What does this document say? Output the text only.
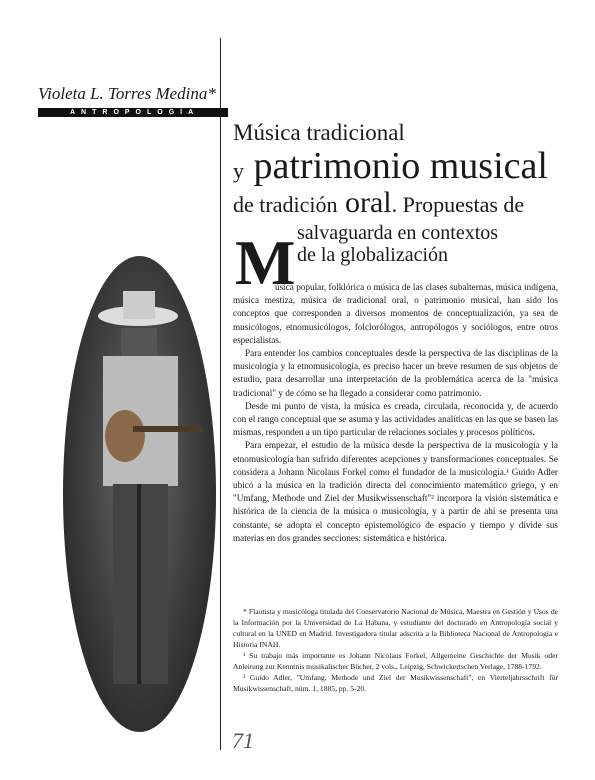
Violeta L. Torres Medina*
ANTROPOLOGÍA
Música tradicional
y patrimonio musical
de tradición oral. Propuestas de
salvaguarda en contextos
de la globalización
M

úsica popular, folklórica o música de las clases subalternas, música indígena, música mestiza, música de tradicional oral, o patrimonio musical, han sido los conceptos que corresponden a diversos momentos de conceptualización, ya sea de musicólogos, etnomusicólogos, folclorólogos, antropólogos y sociólogos, entre otros especialistas.

Para entender los cambios conceptuales desde la perspectiva de las disciplinas de la musicología y la etnomusicología, es preciso hacer un breve resumen de sus objetos de estudio, para desarrollar una interpretación de la problemática acerca de la "música tradicional" y de cómo se ha llegado a considerar como patrimonio.

Desde mi punto de vista, la música es creada, circulada, reconocida y, de acuerdo con el rango conceptual que se asuma y las actividades analíticas en las que se basen las mismas, responden a un tipo particular de relaciones sociales y procesos políticos.

Para empezar, el estudio de la música desde la perspectiva de la musicología y la etnomusicología han sufrido diferentes acepciones y transformaciones conceptuales. Se considera a Johann Nicolaus Forkel como el fundador de la musicología.¹ Guido Adler ubicó a la música en la tradición directa del conocimiento matemático griego, y en "Umfang, Methode und Ziel der Musikwissenschaft"² incorpora la visión sistemática e histórica de la ciencia de la música o musicología, y a partir de ahí se presenta una constante, se adopta el concepto epistemológico de espacio y tiempo y divide sus materias en dos grandes secciones: sistemática e histórica.

* Flautista y musicóloga titulada del Conservatorio Nacional de Música, Maestra en Gestión y Usos de la Información por la Universidad de La Habana, y estudiante del doctorado en Antropología social y cultural en la UNED en Madrid. Investigadora titular adscrita a la Biblioteca Nacional de Antropología e Historia INAH.

¹ Su trabajo más importante es Johann Nicolaus Forkel, Allgemeine Geschichte der Musik oder Anleitung zur Kenntnis musikalischer Bücher, 2 vols., Leipzig, Schwickertschen Verlage, 1788-1792.

² Guido Adler, "Umfang, Methode und Ziel der Musikwissenschaft", en Vierteljahrsschrift für Musikwissenschaft, núm. 1, 1885, pp. 5-20.

71
